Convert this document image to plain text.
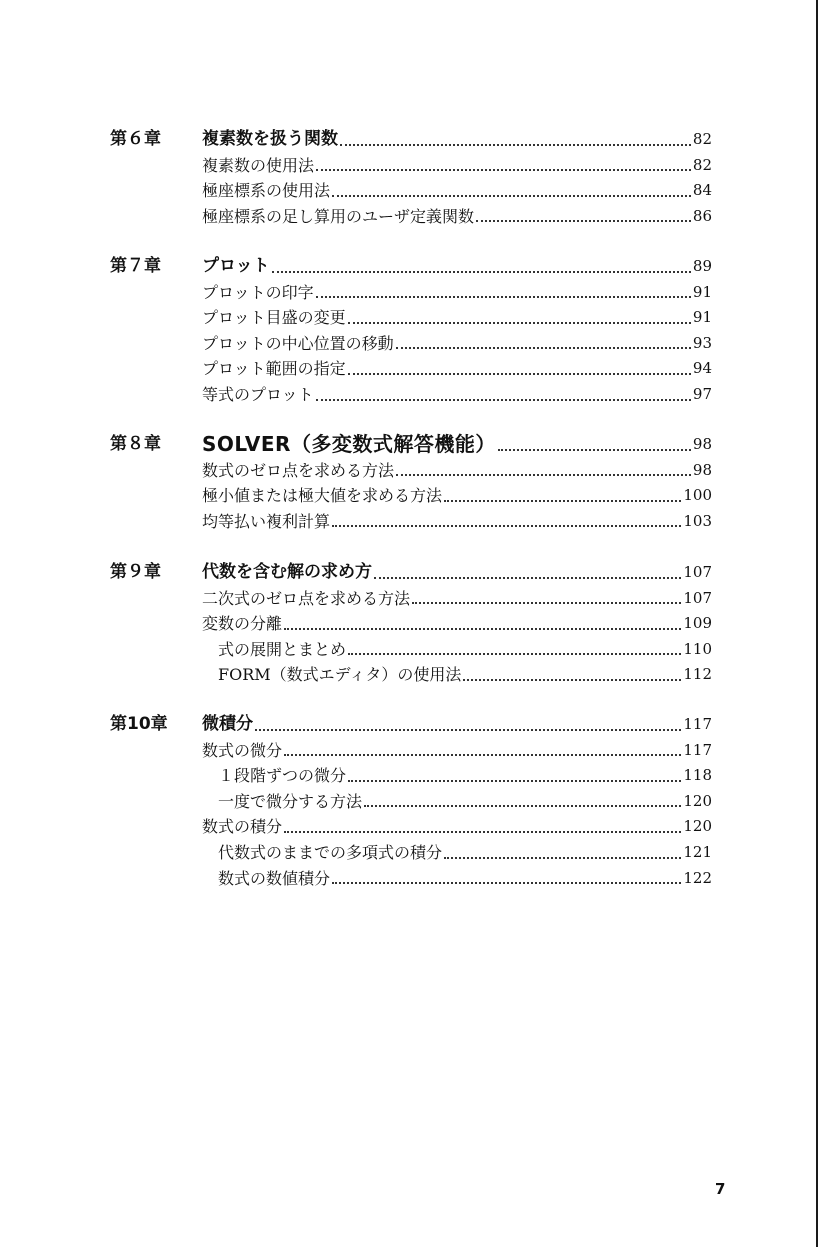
第６章	複素数を扱う関数	82
複素数の使用法	82
極座標系の使用法	84
極座標系の足し算用のユーザ定義関数	86
第７章	プロット	89
プロットの印字	91
プロット目盛の変更	91
プロットの中心位置の移動	93
プロット範囲の指定	94
等式のプロット	97
第８章	SOLVER（多変数式解答機能）	98
数式のゼロ点を求める方法	98
極小値または極大値を求める方法	100
均等払い複利計算	103
第９章	代数を含む解の求め方	107
二次式のゼロ点を求める方法	107
変数の分離	109
式の展開とまとめ	110
FORM（数式エディタ）の使用法	112
第10章	微積分	117
数式の微分	117
１段階ずつの微分	118
一度で微分する方法	120
数式の積分	120
代数式のままでの多項式の積分	121
数式の数値積分	122
7
